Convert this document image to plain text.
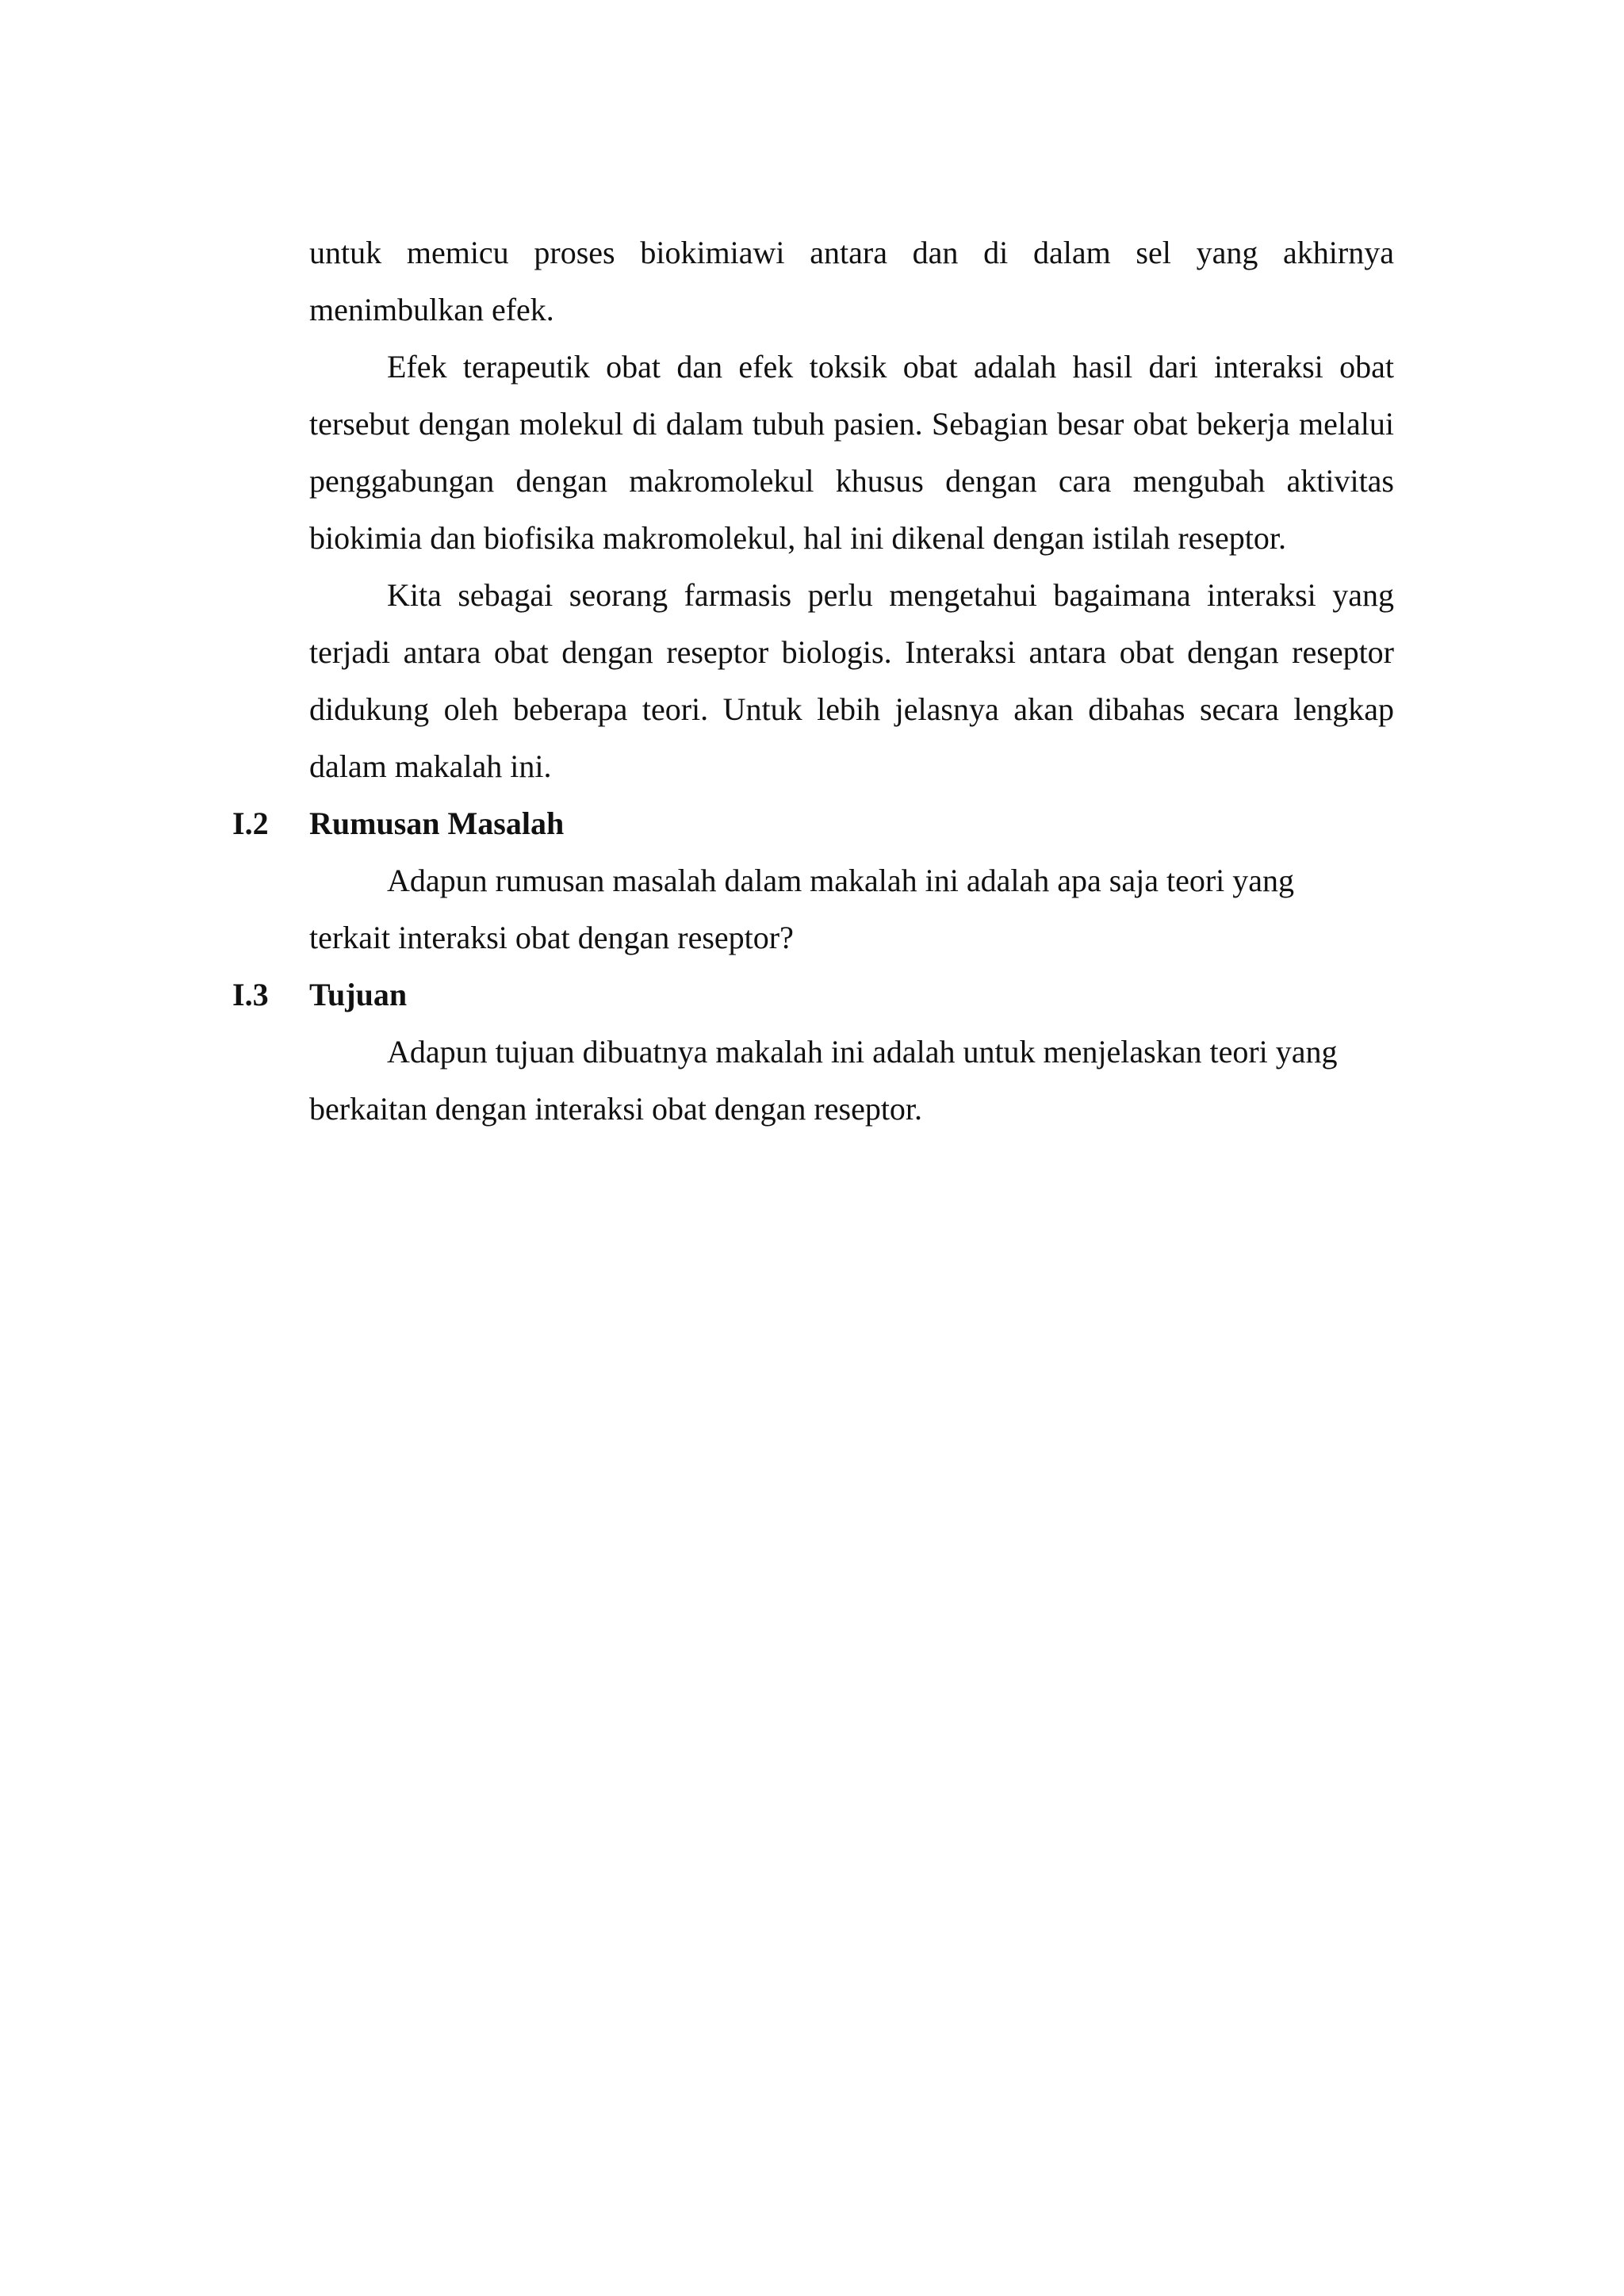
untuk memicu proses biokimiawi antara dan di dalam sel yang akhirnya menimbulkan efek.

Efek terapeutik obat dan efek toksik obat adalah hasil dari interaksi obat tersebut dengan molekul di dalam tubuh pasien. Sebagian besar obat bekerja melalui penggabungan dengan makromolekul khusus dengan cara mengubah aktivitas biokimia dan biofisika makromolekul, hal ini dikenal dengan istilah reseptor.

Kita sebagai seorang farmasis perlu mengetahui bagaimana interaksi yang terjadi antara obat dengan reseptor biologis. Interaksi antara obat dengan reseptor didukung oleh beberapa teori. Untuk lebih jelasnya akan dibahas secara lengkap dalam makalah ini.

I.2 Rumusan Masalah

Adapun rumusan masalah dalam makalah ini adalah apa saja teori yang terkait interaksi obat dengan reseptor?

I.3 Tujuan

Adapun tujuan dibuatnya makalah ini adalah untuk menjelaskan teori yang berkaitan dengan interaksi obat dengan reseptor.
